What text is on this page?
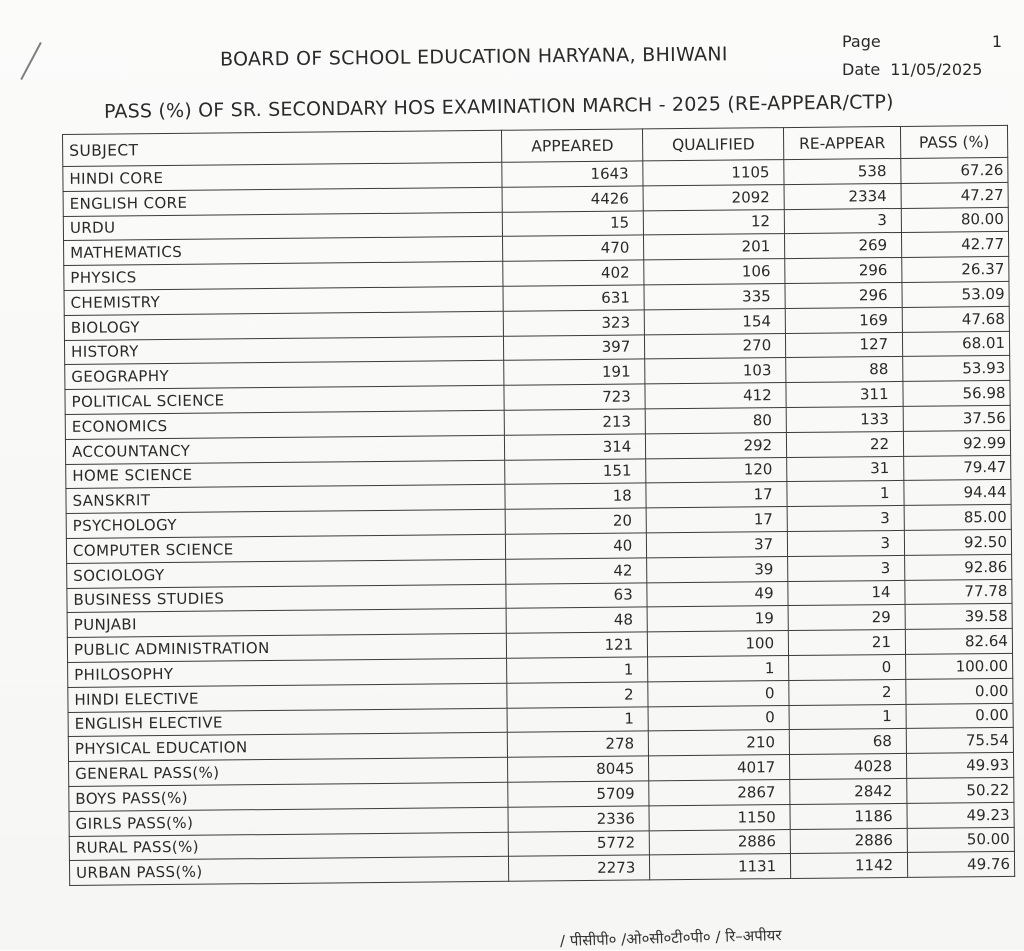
BOARD OF SCHOOL EDUCATION HARYANA, BHIWANI
Page	1
Date 11/05/2025
PASS (%) OF SR. SECONDARY HOS EXAMINATION MARCH - 2025 (RE-APPEAR/CTP)
SUBJECT	APPEARED	QUALIFIED	RE-APPEAR	PASS (%)
HINDI CORE	1643	1105	538	67.26
ENGLISH CORE	4426	2092	2334	47.27
URDU	15	12	3	80.00
MATHEMATICS	470	201	269	42.77
PHYSICS	402	106	296	26.37
CHEMISTRY	631	335	296	53.09
BIOLOGY	323	154	169	47.68
HISTORY	397	270	127	68.01
GEOGRAPHY	191	103	88	53.93
POLITICAL SCIENCE	723	412	311	56.98
ECONOMICS	213	80	133	37.56
ACCOUNTANCY	314	292	22	92.99
HOME SCIENCE	151	120	31	79.47
SANSKRIT	18	17	1	94.44
PSYCHOLOGY	20	17	3	85.00
COMPUTER SCIENCE	40	37	3	92.50
SOCIOLOGY	42	39	3	92.86
BUSINESS STUDIES	63	49	14	77.78
PUNJABI	48	19	29	39.58
PUBLIC ADMINISTRATION	121	100	21	82.64
PHILOSOPHY	1	1	0	100.00
HINDI ELECTIVE	2	0	2	0.00
ENGLISH ELECTIVE	1	0	1	0.00
PHYSICAL EDUCATION	278	210	68	75.54
GENERAL PASS(%)	8045	4017	4028	49.93
BOYS PASS(%)	5709	2867	2842	50.22
GIRLS PASS(%)	2336	1150	1186	49.23
RURAL PASS(%)	5772	2886	2886	50.00
URBAN PASS(%)	2273	1131	1142	49.76
/ पीसीपी० /ओ०सी०टी०पी० / रि–अपीयर
